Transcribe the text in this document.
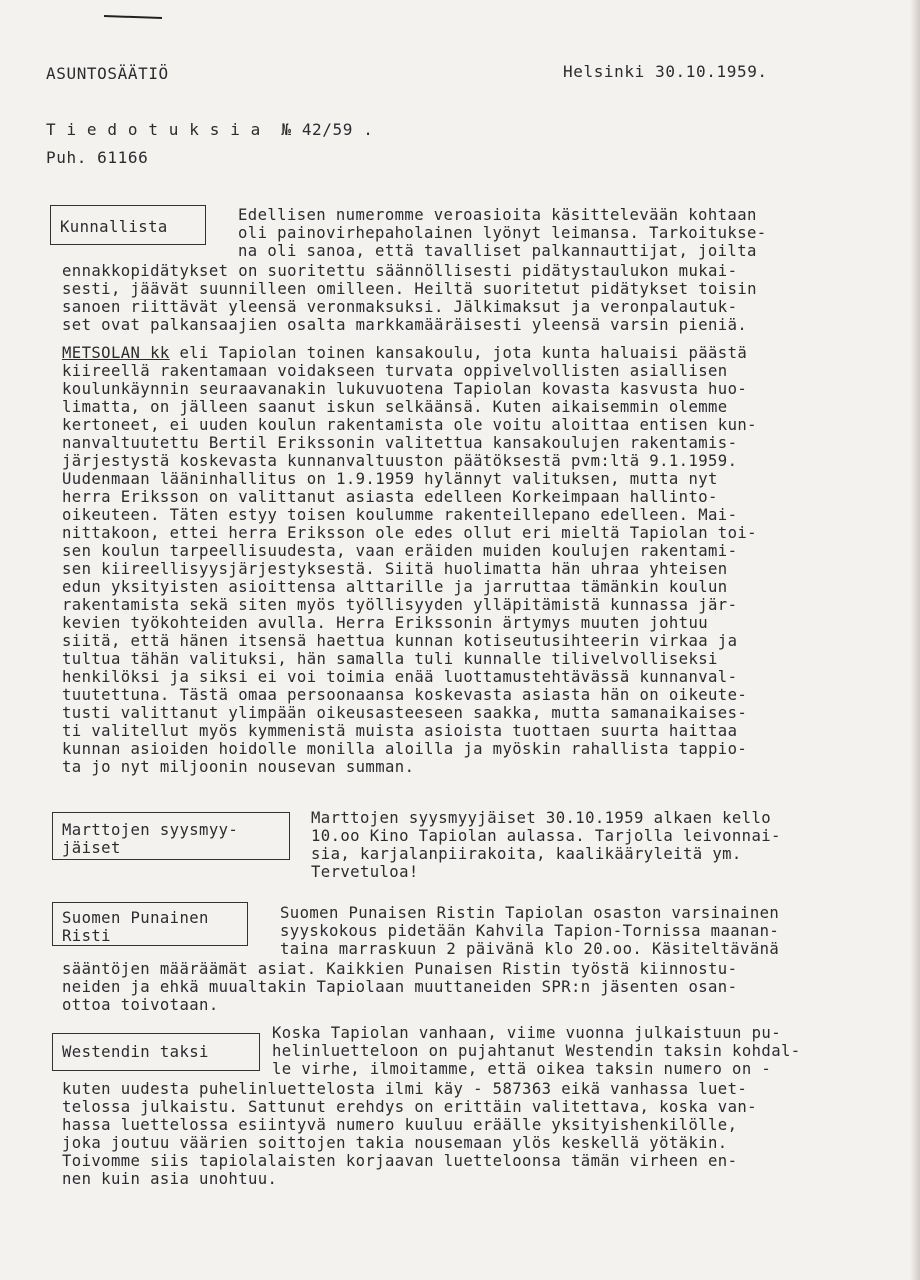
ASUNTOSÄÄTIÖ	Helsinki 30.10.1959.
T i e d o t u k s i a  № 42/59 .
Puh. 61166
Kunnallista
Edellisen numeromme veroasioita käsittelevään kohtaan
oli painovirhepaholainen lyönyt leimansa. Tarkoitukse-
na oli sanoa, että tavalliset palkannauttijat, joilta
ennakkopidätykset on suoritettu säännöllisesti pidätystaulukon mukai-
sesti, jäävät suunnilleen omilleen. Heiltä suoritetut pidätykset toisin
sanoen riittävät yleensä veronmaksuksi. Jälkimaksut ja veronpalautuk-
set ovat palkansaajien osalta markkamääräisesti yleensä varsin pieniä.
METSOLAN kk eli Tapiolan toinen kansakoulu, jota kunta haluaisi päästä
kiireellä rakentamaan voidakseen turvata oppivelvollisten asiallisen
koulunkäynnin seuraavanakin lukuvuotena Tapiolan kovasta kasvusta huo-
limatta, on jälleen saanut iskun selkäänsä. Kuten aikaisemmin olemme
kertoneet, ei uuden koulun rakentamista ole voitu aloittaa entisen kun-
nanvaltuutettu Bertil Erikssonin valitettua kansakoulujen rakentamis-
järjestystä koskevasta kunnanvaltuuston päätöksestä pvm:ltä 9.1.1959.
Uudenmaan lääninhallitus on 1.9.1959 hylännyt valituksen, mutta nyt
herra Eriksson on valittanut asiasta edelleen Korkeimpaan hallinto-
oikeuteen. Täten estyy toisen koulumme rakenteillepano edelleen. Mai-
nittakoon, ettei herra Eriksson ole edes ollut eri mieltä Tapiolan toi-
sen koulun tarpeellisuudesta, vaan eräiden muiden koulujen rakentami-
sen kiireellisyysjärjestyksestä. Siitä huolimatta hän uhraa yhteisen
edun yksityisten asioittensa alttarille ja jarruttaa tämänkin koulun
rakentamista sekä siten myös työllisyyden ylläpitämistä kunnassa jär-
kevien työkohteiden avulla. Herra Erikssonin ärtymys muuten johtuu
siitä, että hänen itsensä haettua kunnan kotiseutusihteerin virkaa ja
tultua tähän valituksi, hän samalla tuli kunnalle tilivelvolliseksi
henkilöksi ja siksi ei voi toimia enää luottamustehtävässä kunnanval-
tuutettuna. Tästä omaa persoonaansa koskevasta asiasta hän on oikeute-
tusti valittanut ylimpään oikeusasteeseen saakka, mutta samanaikaises-
ti valitellut myös kymmenistä muista asioista tuottaen suurta haittaa
kunnan asioiden hoidolle monilla aloilla ja myöskin rahallista tappio-
ta jo nyt miljoonin nousevan summan.
Marttojen syysmyy-
jäiset
Marttojen syysmyyjäiset 30.10.1959 alkaen kello
10.oo Kino Tapiolan aulassa. Tarjolla leivonnai-
sia, karjalanpiirakoita, kaalikääryleitä ym.
Tervetuloa!
Suomen Punainen
Risti
Suomen Punaisen Ristin Tapiolan osaston varsinainen
syyskokous pidetään Kahvila Tapion-Tornissa maanan-
taina marraskuun 2 päivänä klo 20.oo. Käsiteltävänä
sääntöjen määräämät asiat. Kaikkien Punaisen Ristin työstä kiinnostu-
neiden ja ehkä muualtakin Tapiolaan muuttaneiden SPR:n jäsenten osan-
ottoa toivotaan.
Westendin taksi
Koska Tapiolan vanhaan, viime vuonna julkaistuun pu-
helinluetteloon on pujahtanut Westendin taksin kohdal-
le virhe, ilmoitamme, että oikea taksin numero on -
kuten uudesta puhelinluettelosta ilmi käy - 587363 eikä vanhassa luet-
telossa julkaistu. Sattunut erehdys on erittäin valitettava, koska van-
hassa luettelossa esiintyvä numero kuuluu eräälle yksityishenkilölle,
joka joutuu väärien soittojen takia nousemaan ylös keskellä yötäkin.
Toivomme siis tapiolalaisten korjaavan luetteloonsa tämän virheen en-
nen kuin asia unohtuu.
